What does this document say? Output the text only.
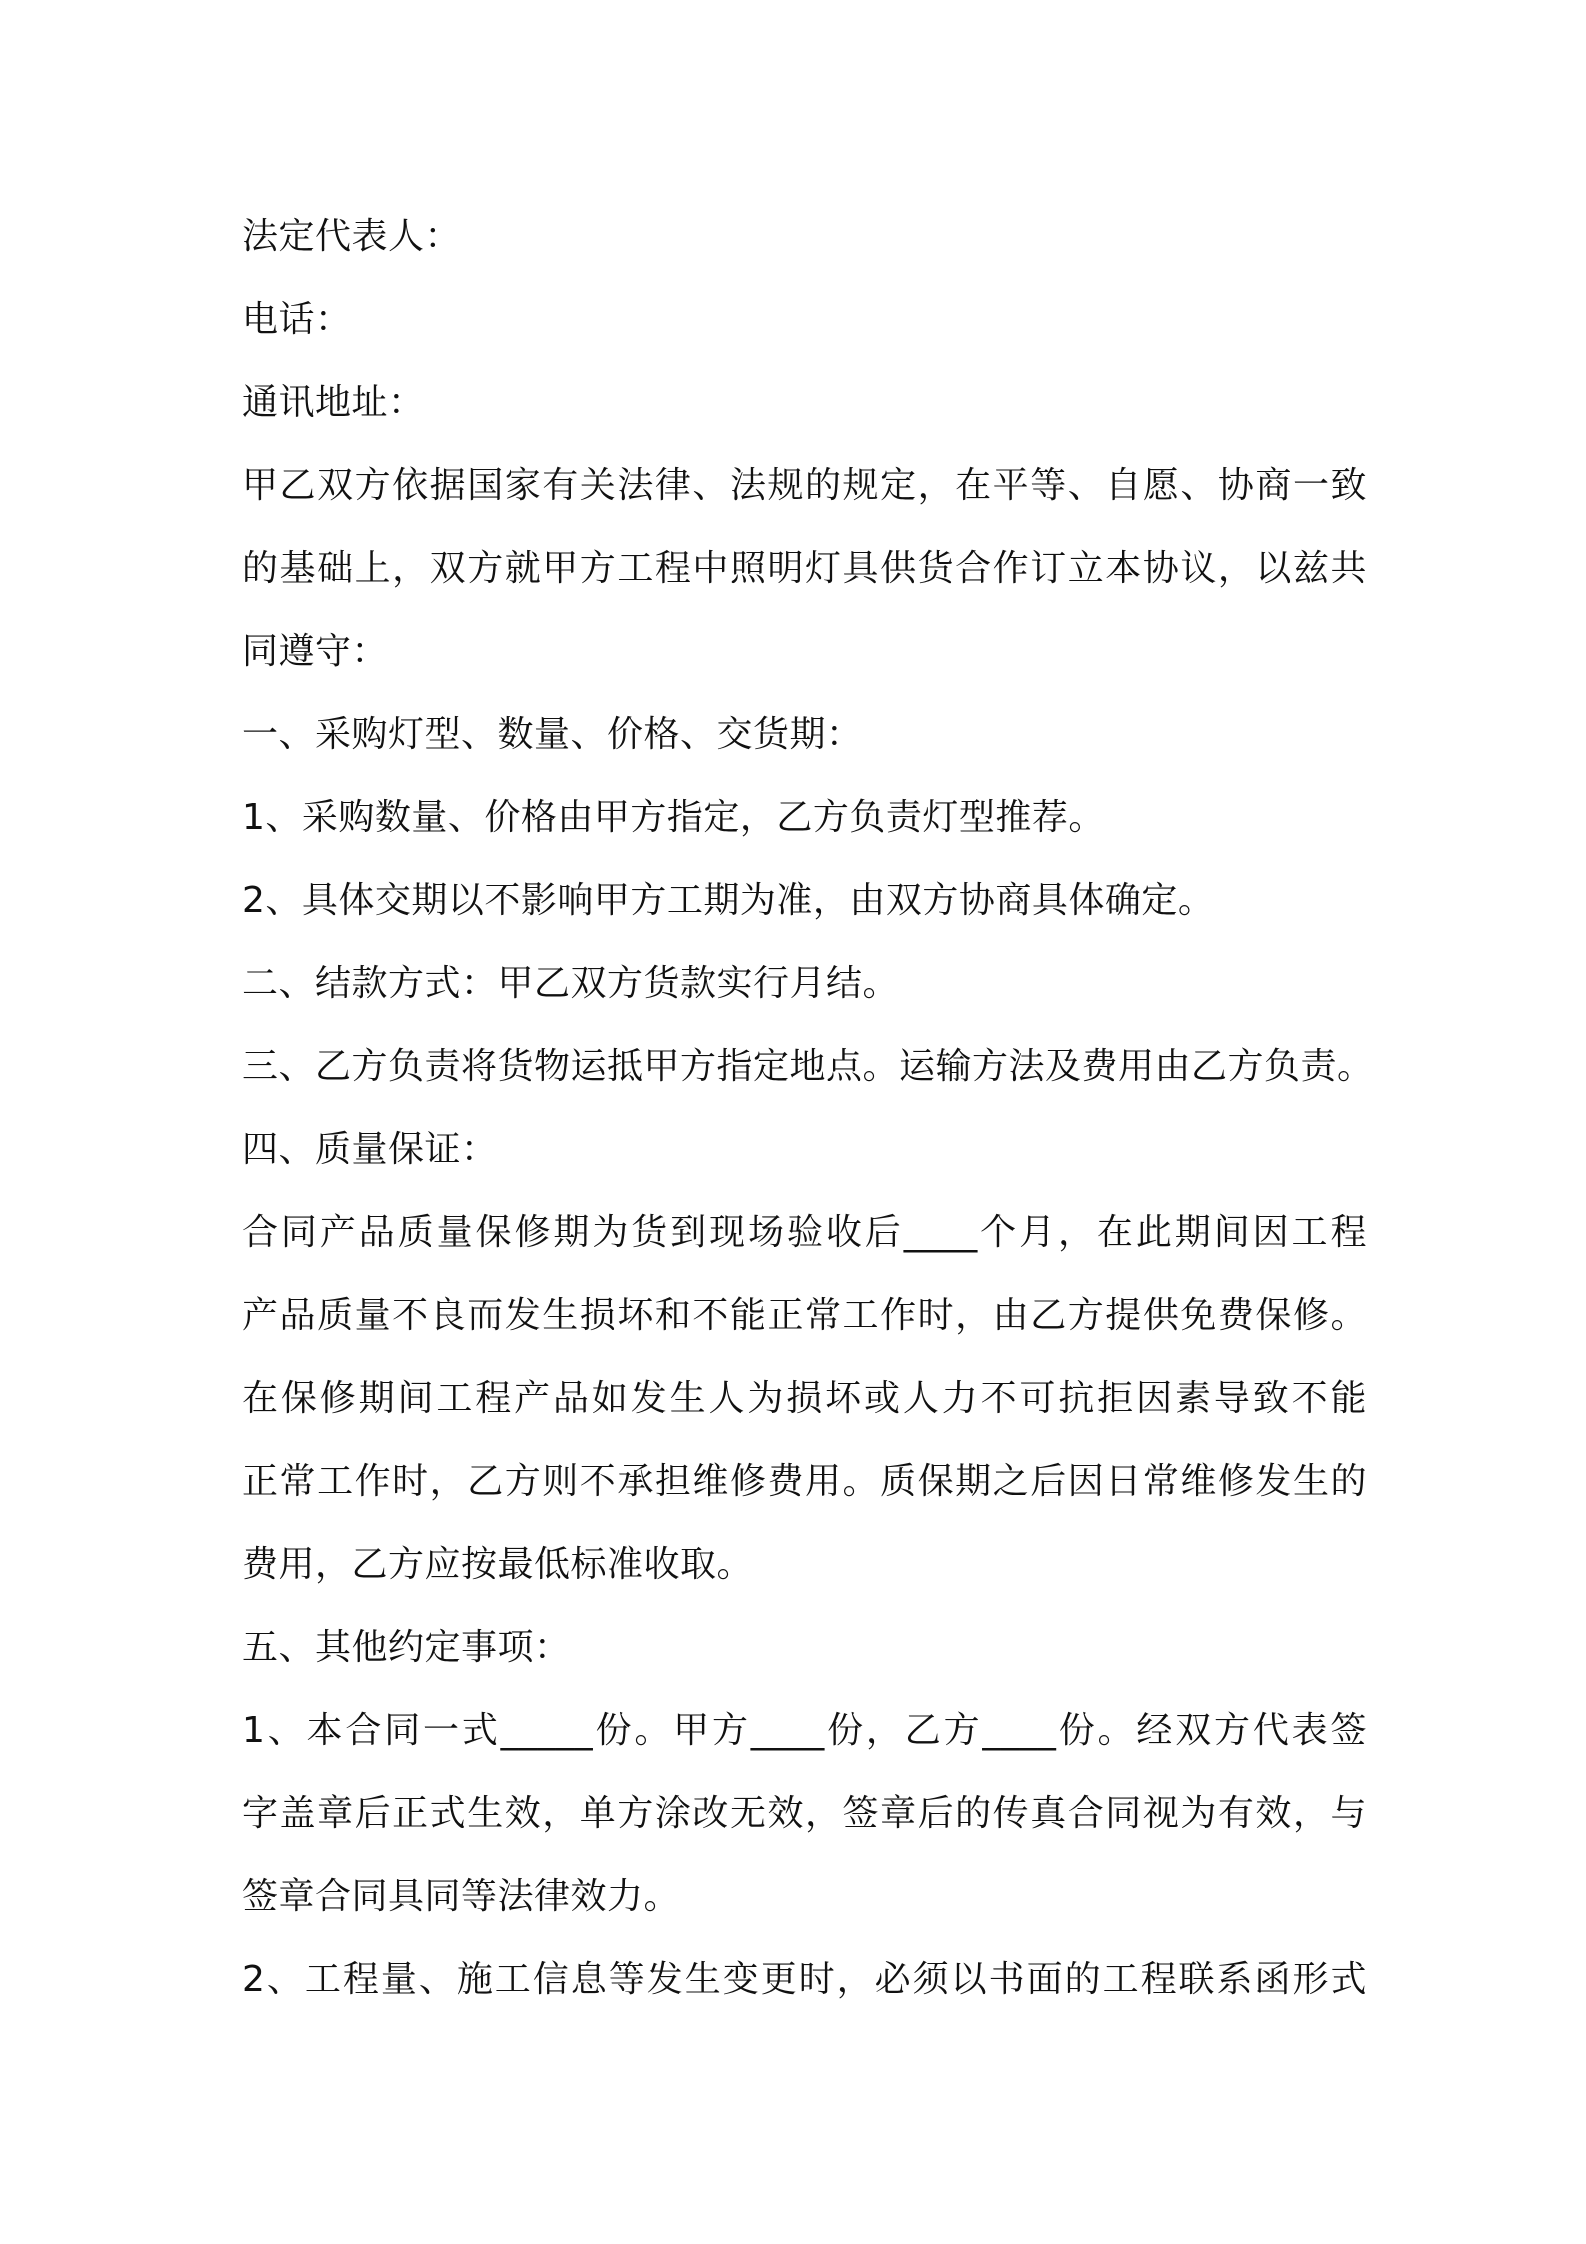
法定代表人：
电话：
通讯地址：
甲乙双方依据国家有关法律、法规的规定，在平等、自愿、协商一致
的基础上，双方就甲方工程中照明灯具供货合作订立本协议，以兹共
同遵守：
一、采购灯型、数量、价格、交货期：
1、采购数量、价格由甲方指定，乙方负责灯型推荐。
2、具体交期以不影响甲方工期为准，由双方协商具体确定。
二、结款方式：甲乙双方货款实行月结。
三、乙方负责将货物运抵甲方指定地点。运输方法及费用由乙方负责。
四、质量保证：
合同产品质量保修期为货到现场验收后____个月，在此期间因工程
产品质量不良而发生损坏和不能正常工作时，由乙方提供免费保修。
在保修期间工程产品如发生人为损坏或人力不可抗拒因素导致不能
正常工作时，乙方则不承担维修费用。质保期之后因日常维修发生的
费用，乙方应按最低标准收取。
五、其他约定事项：
1、本合同一式_____份。甲方____份，乙方____份。经双方代表签
字盖章后正式生效，单方涂改无效，签章后的传真合同视为有效，与
签章合同具同等法律效力。
2、工程量、施工信息等发生变更时，必须以书面的工程联系函形式
